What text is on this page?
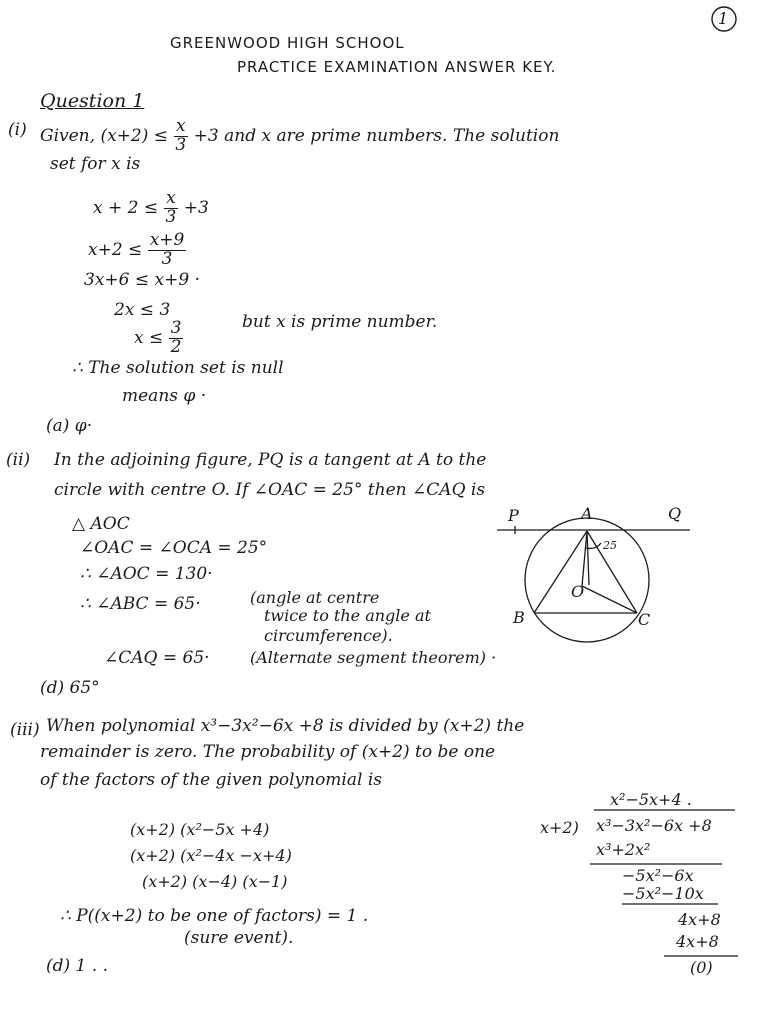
1
GREENWOOD HIGH SCHOOL
PRACTICE EXAMINATION ANSWER KEY.
Question 1
(i) Given, $(x+2) \le \frac{x}{3} +3$ and x are prime numbers. The solution
set for x is
$x + 2 \le \frac{x}{3} +3$
$x+2 \le \frac{x+9}{3}$
3x+6 ≤ x+9 ·
2x ≤ 3
$x \le \frac{3}{2}$	but x is prime number.
∴ The solution set is null
means φ ·
(a) φ·
(ii) In the adjoining figure, PQ is a tangent at A to the
circle with centre O. If ∠OAC = 25° then ∠CAQ is
△ AOC
∠OAC = ∠OCA = 25°
∴ ∠AOC = 130·
∴ ∠ABC = 65·	(angle at centre
twice to the angle at
circumference).
∠CAQ = 65·	(Alternate segment theorem) ·
(d) 65°
P	A	Q
25
O
B	C
(iii) When polynomial x³−3x²−6x +8 is divided by (x+2) the
remainder is zero. The probability of (x+2) to be one
of the factors of the given polynomial is
(x+2) (x²−5x +4)
(x+2) (x²−4x −x+4)
(x+2) (x−4) (x−1)
∴ P((x+2) to be one of factors) = 1 .
(sure event).
(d) 1 . .
x²−5x+4 .
x+2) x³−3x²−6x +8
x³+2x²
−5x²−6x
−5x²−10x
4x+8
4x+8
(0)
